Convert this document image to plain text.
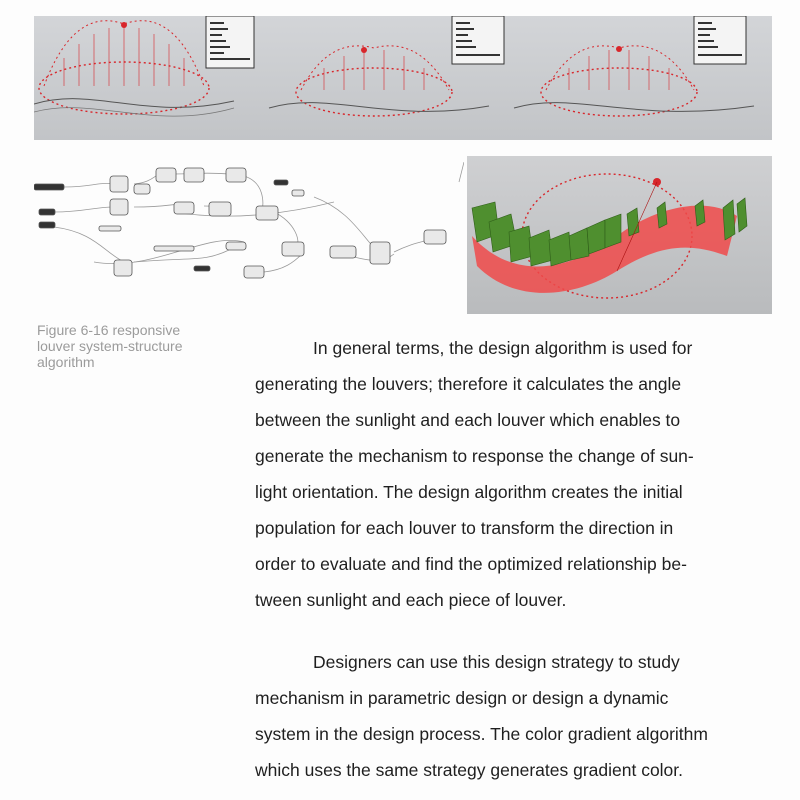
Figure 6-16 responsive
louver system-structure
algorithm
In general terms, the design algorithm is used for
generating the louvers; therefore it calculates the angle
between the sunlight and each louver which enables to
generate the mechanism to response the change of sun-
light orientation. The design algorithm creates the initial
population for each louver to transform the direction in
order to evaluate and find the optimized relationship be-
tween sunlight and each piece of louver.
Designers can use this design strategy to study
mechanism in parametric design or design a dynamic
system in the design process. The color gradient algorithm
which uses the same strategy generates gradient color.
